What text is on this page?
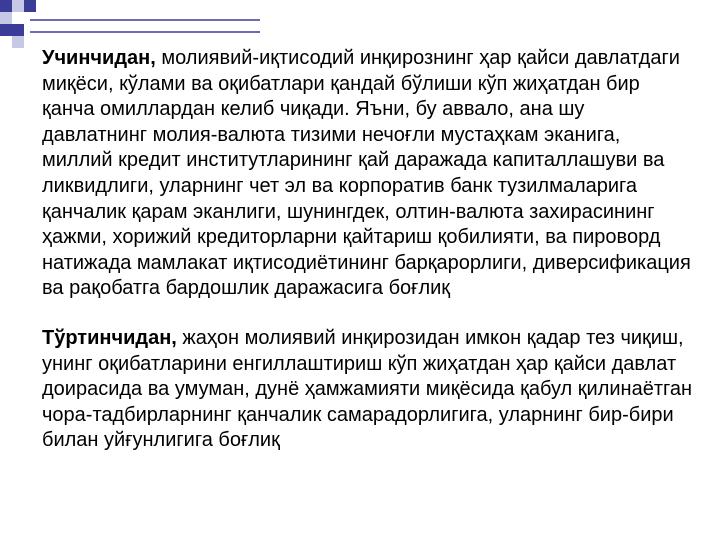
Учинчидан, молиявий-иқтисодий инқирознинг ҳар қайси давлатдаги миқёси, кўлами ва оқибатлари қандай бўлиши кўп жиҳатдан бир қанча омиллардан келиб чиқади. Яъни, бу аввало, ана шу давлатнинг молия-валюта тизими нечоғли мустаҳкам эканига, миллий кредит институтларининг қай даражада капиталлашуви ва ликвидлиги, уларнинг чет эл ва корпоратив банк тузилмаларига қанчалик қарам эканлиги, шунингдек, олтин-валюта захирасининг ҳажми, хорижий кредиторларни қайтариш қобилияти, ва пироворд натижада мамлакат иқтисодиётининг барқарорлиги, диверсификация ва рақобатга бардошлик даражасига боғлиқ

Тўртинчидан, жаҳон молиявий инқирозидан имкон қадар тез чиқиш, унинг оқибатларини енгиллаштириш кўп жиҳатдан ҳар қайси давлат доирасида ва умуман, дунё ҳамжамияти миқёсида қабул қилинаётган чора-тадбирларнинг қанчалик самарадорлигига, уларнинг бир-бири билан уйғунлигига боғлиқ
